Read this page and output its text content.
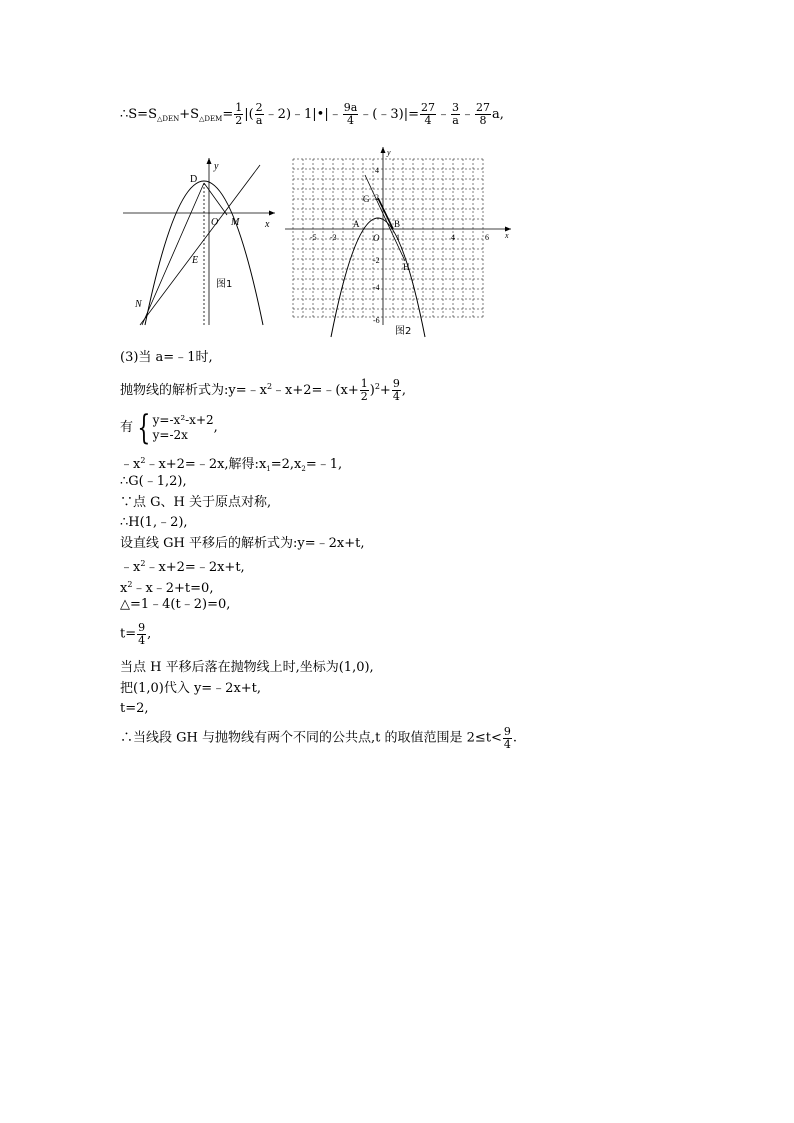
$\therefore S=S_{\triangle DEN}+S_{\triangle DEM}= \frac{1}{2}$ |( $\frac{2}{a}$ ﹣2)﹣1|•|﹣ $\frac{9a}{4}$ ﹣(﹣3)|= $\frac{27}{4}$ ﹣ $\frac{3}{a}$ ﹣ $\frac{27}{8} a$,
D
y
O M	x
E
N
图1
y
x
G
A
O
B
H
4
2
-2
-4
-6
-5 -3	1	4	6
图2
(3)当 a=﹣1时,
抛物线的解析式为$:y=﹣x^2﹣x+2=﹣(x+ \frac{1}{2} )^2+ \frac{9}{4}$ ,
有 { y=-x²-x+2
y=-2x	,
$﹣x^2﹣x+2=﹣2x$,解得$:x_1=2,x_2=﹣1$,
∴G(﹣1,2),
∵点 G、H 关于原点对称,
∴H(1,﹣2),
设直线 GH 平移后的解析式为:y=﹣2x+t,
$﹣x^2﹣x+2=﹣2x+t$,
$x^2﹣x﹣2+t=0$,
△=1﹣4(t﹣2)=0,
$t= \frac{9}{4}$ ,
当点 H 平移后落在抛物线上时,坐标为(1,0),
把(1,0)代入 y=﹣2x+t,
t=2,
∴当线段 GH 与抛物线有两个不同的公共点,t 的取值范围是 $2\le t< \frac{9}{4}$ .
